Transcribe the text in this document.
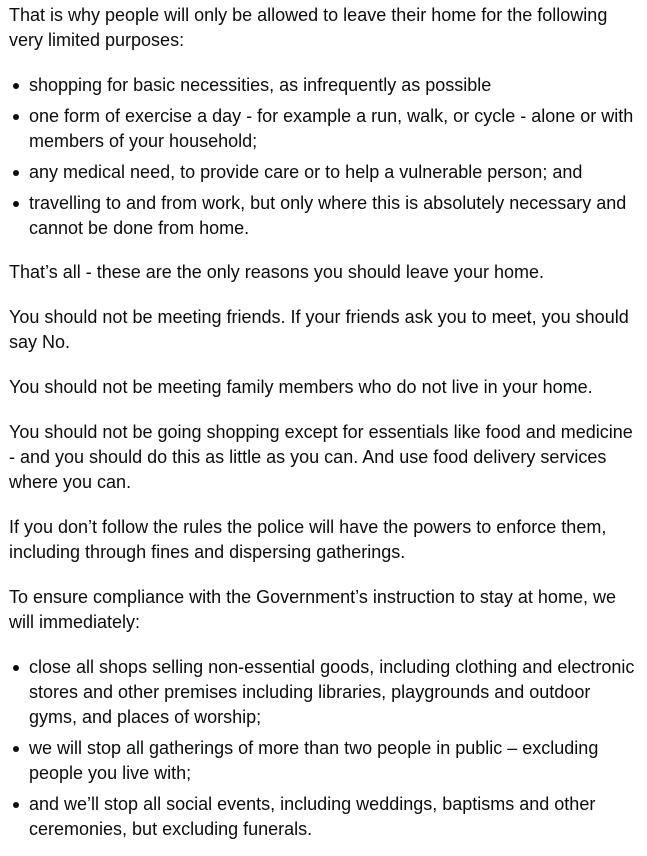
That is why people will only be allowed to leave their home for the following very limited purposes:

shopping for basic necessities, as infrequently as possible
one form of exercise a day - for example a run, walk, or cycle - alone or with members of your household;
any medical need, to provide care or to help a vulnerable person; and
travelling to and from work, but only where this is absolutely necessary and cannot be done from home.

That’s all - these are the only reasons you should leave your home.

You should not be meeting friends. If your friends ask you to meet, you should say No.

You should not be meeting family members who do not live in your home.

You should not be going shopping except for essentials like food and medicine - and you should do this as little as you can. And use food delivery services where you can.

If you don’t follow the rules the police will have the powers to enforce them, including through fines and dispersing gatherings.

To ensure compliance with the Government’s instruction to stay at home, we will immediately:

close all shops selling non-essential goods, including clothing and electronic stores and other premises including libraries, playgrounds and outdoor gyms, and places of worship;
we will stop all gatherings of more than two people in public – excluding people you live with;
and we’ll stop all social events, including weddings, baptisms and other ceremonies, but excluding funerals.
